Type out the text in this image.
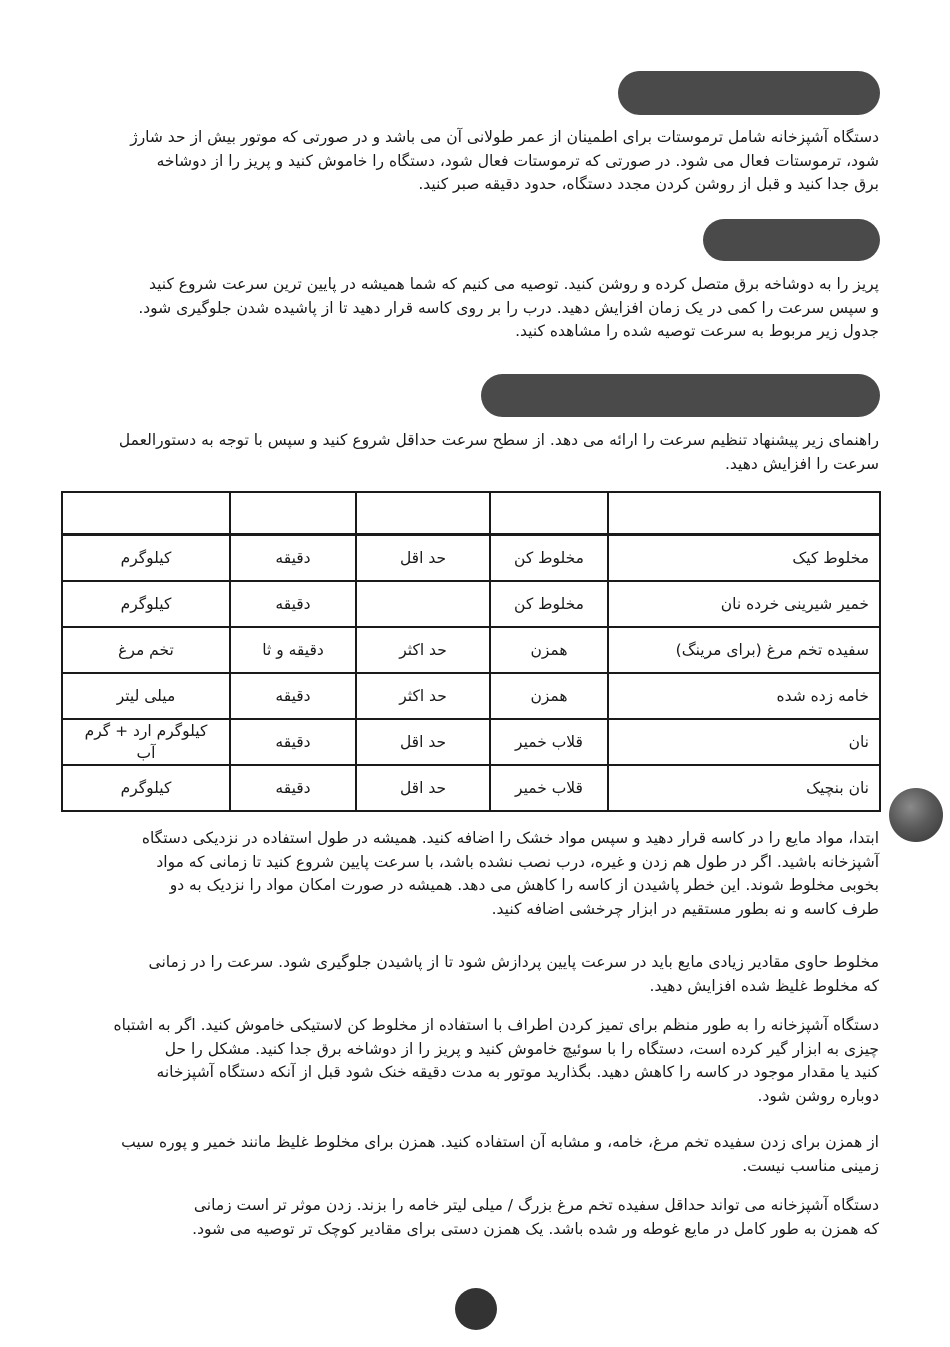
دستگاه آشپزخانه شامل ترموستات برای اطمینان از عمر طولانی آن می باشد و در صورتی که موتور بیش از حد شارژ
شود، ترموستات فعال می شود. در صورتی که ترموستات فعال شود، دستگاه را خاموش کنید و پریز را از دوشاخه
برق جدا کنید و قبل از روشن کردن مجدد دستگاه، حدود دقیقه صبر کنید.
پریز را به دوشاخه برق متصل کرده و روشن کنید. توصیه می کنیم که شما همیشه در پایین ترین سرعت شروع کنید
و سپس سرعت را کمی در یک زمان افزایش دهید. درب را بر روی کاسه قرار دهید تا از پاشیده شدن جلوگیری شود.
جدول زیر مربوط به سرعت توصیه شده را مشاهده کنید.
راهنمای زیر پیشنهاد تنظیم سرعت را ارائه می دهد. از سطح سرعت حداقل شروع کنید و سپس با توجه به دستورالعمل
سرعت را افزایش دهید.

مخلوط کیک	مخلوط کن	حد اقل	دقیقه	کیلوگرم
خمیر شیرینی خرده نان	مخلوط کن		دقیقه	کیلوگرم
سفیده تخم مرغ (برای مرینگ)	همزن	حد اکثر	دقیقه و ثا	تخم مرغ
خامه زده شده	همزن	حد اکثر	دقیقه	میلی لیتر
نان	قلاب خمیر	حد اقل	دقیقه	کیلوگرم ارد + گرم آب
نان بنچیک	قلاب خمیر	حد اقل	دقیقه	کیلوگرم
ابتدا، مواد مایع را در کاسه قرار دهید و سپس مواد خشک را اضافه کنید. همیشه در طول استفاده در نزدیکی دستگاه
آشپزخانه باشید. اگر در طول هم زدن و غیره، درب نصب نشده باشد، با سرعت پایین شروع کنید تا زمانی که مواد
بخوبی مخلوط شوند. این خطر پاشیدن از کاسه را کاهش می دهد. همیشه در صورت امکان مواد را نزدیک به دو
طرف کاسه و نه بطور مستقیم در ابزار چرخشی اضافه کنید.
مخلوط حاوی مقادیر زیادی مایع باید در سرعت پایین پردازش شود تا از پاشیدن جلوگیری شود. سرعت را در زمانی
که مخلوط غلیظ شده افزایش دهید.
دستگاه آشپزخانه را به طور منظم برای تمیز کردن اطراف با استفاده از مخلوط کن لاستیکی خاموش کنید. اگر به اشتباه
چیزی به ابزار گیر کرده است، دستگاه را با سوئیچ خاموش کنید و پریز را از دوشاخه برق جدا کنید. مشکل را حل
کنید یا مقدار موجود در کاسه را کاهش دهید. بگذارید موتور به مدت دقیقه خنک شود قبل از آنکه دستگاه آشپزخانه
دوباره روشن شود.
از همزن برای زدن سفیده تخم مرغ، خامه، و مشابه آن استفاده کنید. همزن برای مخلوط غلیظ مانند خمیر و پوره سیب
زمینی مناسب نیست.
دستگاه آشپزخانه می تواند حداقل سفیده تخم مرغ بزرگ / میلی لیتر خامه را بزند. زدن موثر تر است زمانی
که همزن به طور کامل در مایع غوطه ور شده باشد. یک همزن دستی برای مقادیر کوچک تر توصیه می شود.
